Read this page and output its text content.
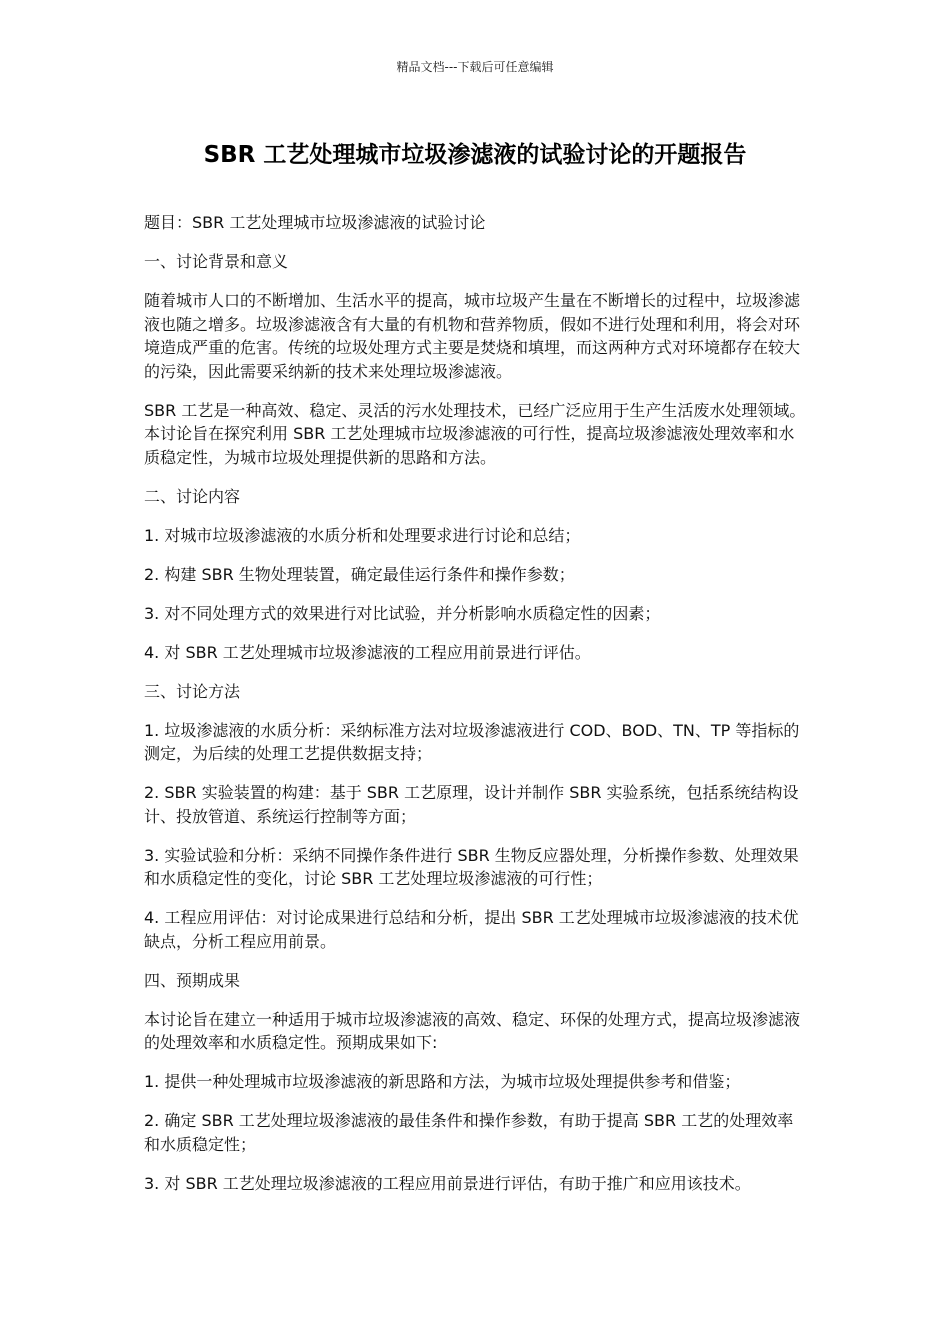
精品文档---下载后可任意编辑
SBR 工艺处理城市垃圾渗滤液的试验讨论的开题报告

题目：SBR 工艺处理城市垃圾渗滤液的试验讨论

一、讨论背景和意义

随着城市人口的不断增加、生活水平的提高，城市垃圾产生量在不断增长的过程中，垃圾渗滤液也随之增多。垃圾渗滤液含有大量的有机物和营养物质，假如不进行处理和利用，将会对环境造成严重的危害。传统的垃圾处理方式主要是焚烧和填埋，而这两种方式对环境都存在较大的污染，因此需要采纳新的技术来处理垃圾渗滤液。

SBR 工艺是一种高效、稳定、灵活的污水处理技术，已经广泛应用于生产生活废水处理领域。本讨论旨在探究利用 SBR 工艺处理城市垃圾渗滤液的可行性，提高垃圾渗滤液处理效率和水质稳定性，为城市垃圾处理提供新的思路和方法。

二、讨论内容

1. 对城市垃圾渗滤液的水质分析和处理要求进行讨论和总结；

2. 构建 SBR 生物处理装置，确定最佳运行条件和操作参数；

3. 对不同处理方式的效果进行对比试验，并分析影响水质稳定性的因素；

4. 对 SBR 工艺处理城市垃圾渗滤液的工程应用前景进行评估。

三、讨论方法

1. 垃圾渗滤液的水质分析：采纳标准方法对垃圾渗滤液进行 COD、BOD、TN、TP 等指标的测定，为后续的处理工艺提供数据支持；

2. SBR 实验装置的构建：基于 SBR 工艺原理，设计并制作 SBR 实验系统，包括系统结构设计、投放管道、系统运行控制等方面；

3. 实验试验和分析：采纳不同操作条件进行 SBR 生物反应器处理，分析操作参数、处理效果和水质稳定性的变化，讨论 SBR 工艺处理垃圾渗滤液的可行性；

4. 工程应用评估：对讨论成果进行总结和分析，提出 SBR 工艺处理城市垃圾渗滤液的技术优缺点，分析工程应用前景。

四、预期成果

本讨论旨在建立一种适用于城市垃圾渗滤液的高效、稳定、环保的处理方式，提高垃圾渗滤液的处理效率和水质稳定性。预期成果如下:

1. 提供一种处理城市垃圾渗滤液的新思路和方法，为城市垃圾处理提供参考和借鉴；

2. 确定 SBR 工艺处理垃圾渗滤液的最佳条件和操作参数，有助于提高 SBR 工艺的处理效率和水质稳定性；

3. 对 SBR 工艺处理垃圾渗滤液的工程应用前景进行评估，有助于推广和应用该技术。
